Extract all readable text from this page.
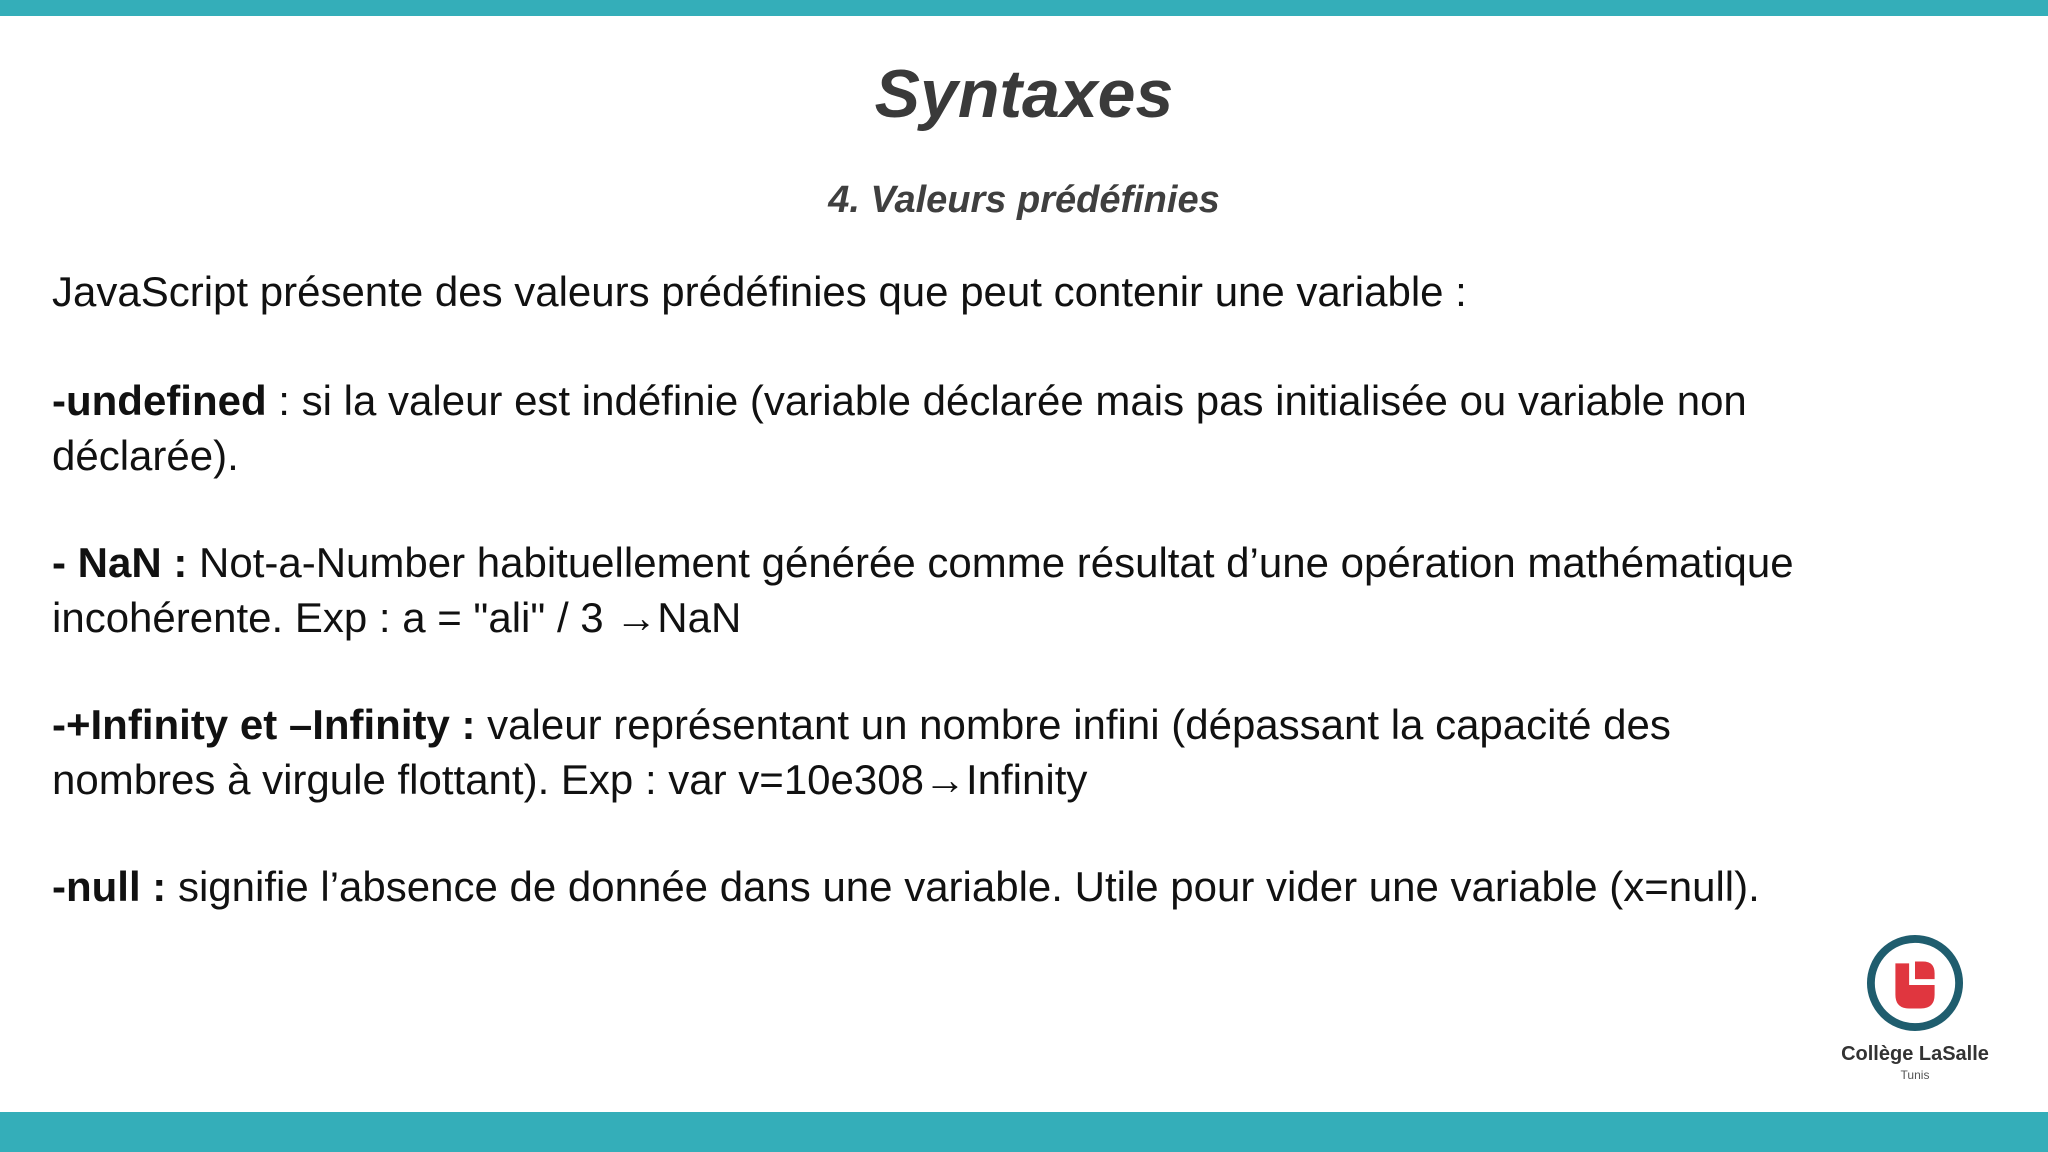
Syntaxes
4. Valeurs prédéfinies

JavaScript présente des valeurs prédéfinies que peut contenir une variable :

-undefined : si la valeur est indéfinie (variable déclarée mais pas initialisée ou variable non

déclarée).

- NaN : Not-a-Number habituellement générée comme résultat d’une opération mathématique

incohérente. Exp : a = "ali" / 3 →NaN

-+Infinity et –Infinity : valeur représentant un nombre infini (dépassant la capacité des

nombres à virgule flottant). Exp : var v=10e308→Infinity

-null : signifie l’absence de donnée dans une variable. Utile pour vider une variable (x=null).

Collège LaSalle
Tunis
